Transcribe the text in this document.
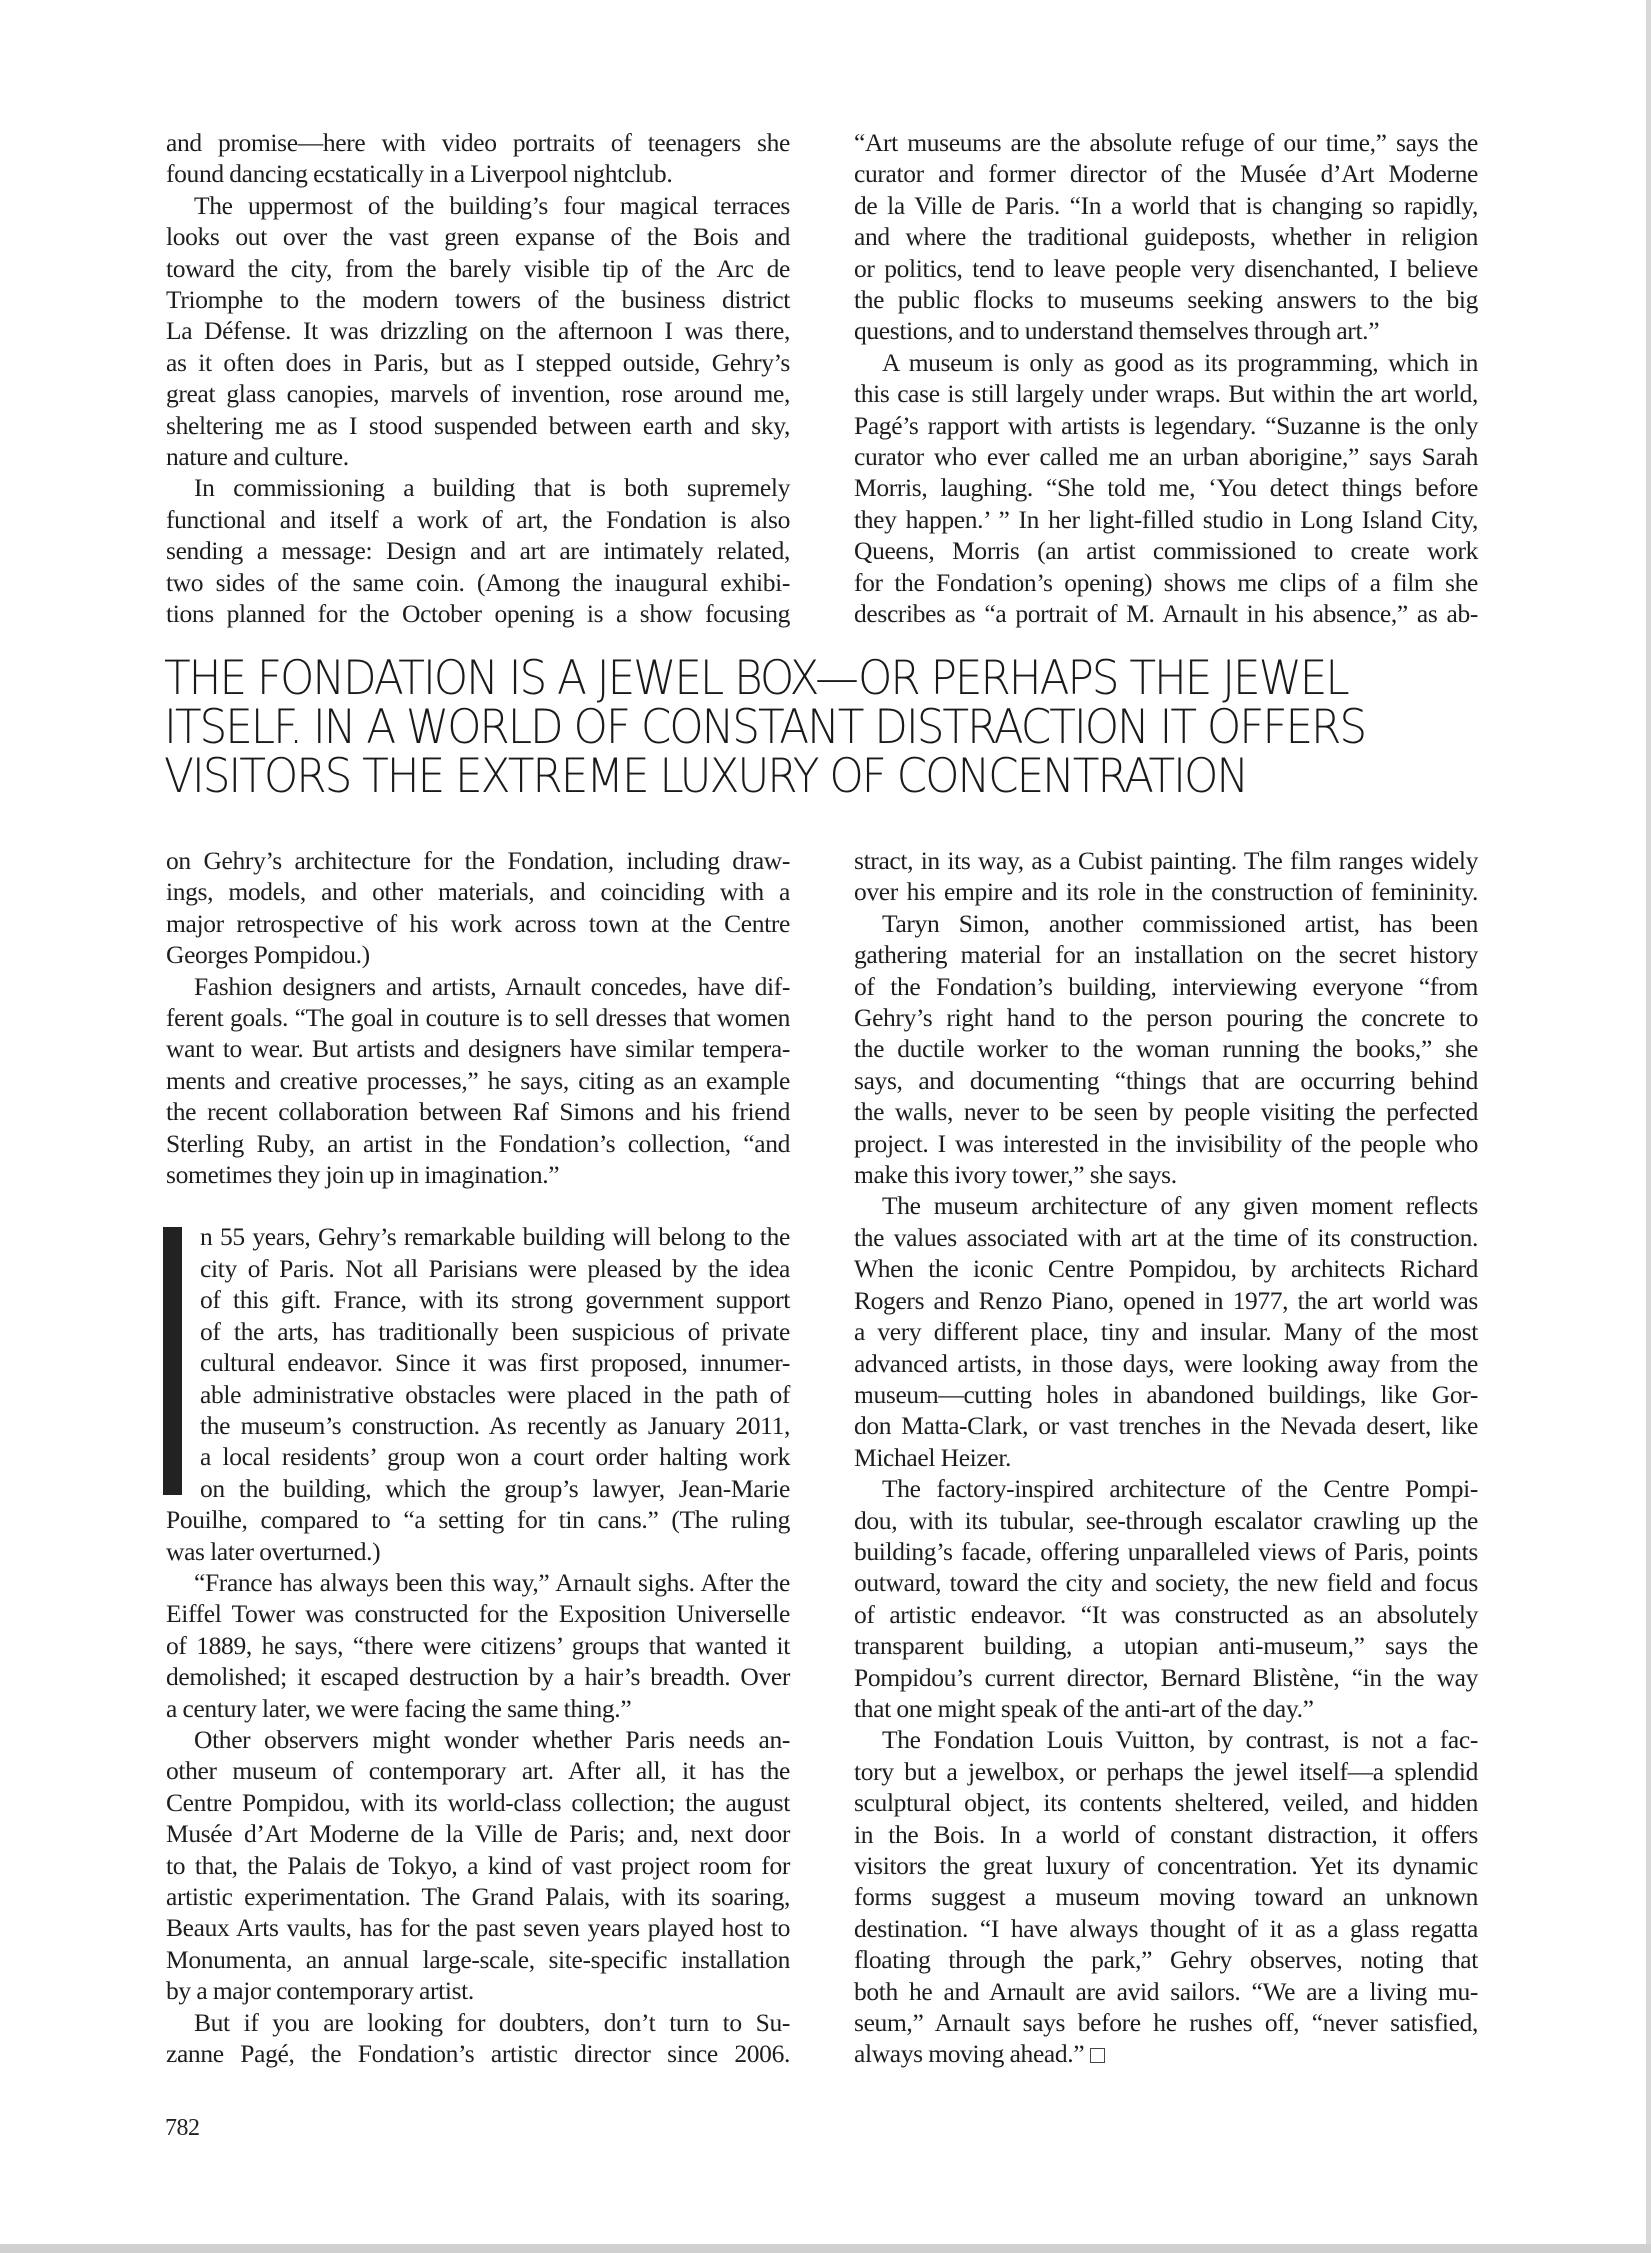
and promise—here with video portraits of teenagers she
found dancing ecstatically in a Liverpool nightclub.

The uppermost of the building’s four magical terraces
looks out over the vast green expanse of the Bois and
toward the city, from the barely visible tip of the Arc de
Triomphe to the modern towers of the business district
La Défense. It was drizzling on the afternoon I was there,
as it often does in Paris, but as I stepped outside, Gehry’s
great glass canopies, marvels of invention, rose around me,
sheltering me as I stood suspended between earth and sky,
nature and culture.

In commissioning a building that is both supremely
functional and itself a work of art, the Fondation is also
sending a message: Design and art are intimately related,
two sides of the same coin. (Among the inaugural exhibi-
tions planned for the October opening is a show focusing

“Art museums are the absolute refuge of our time,” says the
curator and former director of the Musée d’Art Moderne
de la Ville de Paris. “In a world that is changing so rapidly,
and where the traditional guideposts, whether in religion
or politics, tend to leave people very disenchanted, I believe
the public flocks to museums seeking answers to the big
questions, and to understand themselves through art.”

A museum is only as good as its programming, which in
this case is still largely under wraps. But within the art world,
Pagé’s rapport with artists is legendary. “Suzanne is the only
curator who ever called me an urban aborigine,” says Sarah
Morris, laughing. “She told me, ‘You detect things before
they happen.’ ” In her light-filled studio in Long Island City,
Queens, Morris (an artist commissioned to create work
for the Fondation’s opening) shows me clips of a film she
describes as “a portrait of M. Arnault in his absence,” as ab-

THE FONDATION IS A JEWEL BOX—OR PERHAPS THE JEWEL
ITSELF. IN A WORLD OF CONSTANT DISTRACTION IT OFFERS
VISITORS THE EXTREME LUXURY OF CONCENTRATION

on Gehry’s architecture for the Fondation, including draw-
ings, models, and other materials, and coinciding with a
major retrospective of his work across town at the Centre
Georges Pompidou.)

Fashion designers and artists, Arnault concedes, have dif-
ferent goals. “The goal in couture is to sell dresses that women
want to wear. But artists and designers have similar tempera-
ments and creative processes,” he says, citing as an example
the recent collaboration between Raf Simons and his friend
Sterling Ruby, an artist in the Fondation’s collection, “and
sometimes they join up in imagination.”

n 55 years, Gehry’s remarkable building will belong to the
city of Paris. Not all Parisians were pleased by the idea
of this gift. France, with its strong government support
of the arts, has traditionally been suspicious of private
cultural endeavor. Since it was first proposed, innumer-
able administrative obstacles were placed in the path of
the museum’s construction. As recently as January 2011,
a local residents’ group won a court order halting work
on the building, which the group’s lawyer, Jean-Marie
Pouilhe, compared to “a setting for tin cans.” (The ruling
was later overturned.)

“France has always been this way,” Arnault sighs. After the
Eiffel Tower was constructed for the Exposition Universelle
of 1889, he says, “there were citizens’ groups that wanted it
demolished; it escaped destruction by a hair’s breadth. Over
a century later, we were facing the same thing.”

Other observers might wonder whether Paris needs an-
other museum of contemporary art. After all, it has the
Centre Pompidou, with its world-class collection; the august
Musée d’Art Moderne de la Ville de Paris; and, next door
to that, the Palais de Tokyo, a kind of vast project room for
artistic experimentation. The Grand Palais, with its soaring,
Beaux Arts vaults, has for the past seven years played host to
Monumenta, an annual large-scale, site-specific installation
by a major contemporary artist.

But if you are looking for doubters, don’t turn to Su-
zanne Pagé, the Fondation’s artistic director since 2006.

stract, in its way, as a Cubist painting. The film ranges widely
over his empire and its role in the construction of femininity.

Taryn Simon, another commissioned artist, has been
gathering material for an installation on the secret history
of the Fondation’s building, interviewing everyone “from
Gehry’s right hand to the person pouring the concrete to
the ductile worker to the woman running the books,” she
says, and documenting “things that are occurring behind
the walls, never to be seen by people visiting the perfected
project. I was interested in the invisibility of the people who
make this ivory tower,” she says.

The museum architecture of any given moment reflects
the values associated with art at the time of its construction.
When the iconic Centre Pompidou, by architects Richard
Rogers and Renzo Piano, opened in 1977, the art world was
a very different place, tiny and insular. Many of the most
advanced artists, in those days, were looking away from the
museum—cutting holes in abandoned buildings, like Gor-
don Matta-Clark, or vast trenches in the Nevada desert, like
Michael Heizer.

The factory-inspired architecture of the Centre Pompi-
dou, with its tubular, see-through escalator crawling up the
building’s facade, offering unparalleled views of Paris, points
outward, toward the city and society, the new field and focus
of artistic endeavor. “It was constructed as an absolutely
transparent building, a utopian anti-museum,” says the
Pompidou’s current director, Bernard Blistène, “in the way
that one might speak of the anti-art of the day.”

The Fondation Louis Vuitton, by contrast, is not a fac-
tory but a jewelbox, or perhaps the jewel itself—a splendid
sculptural object, its contents sheltered, veiled, and hidden
in the Bois. In a world of constant distraction, it offers
visitors the great luxury of concentration. Yet its dynamic
forms suggest a museum moving toward an unknown
destination. “I have always thought of it as a glass regatta
floating through the park,” Gehry observes, noting that
both he and Arnault are avid sailors. “We are a living mu-
seum,” Arnault says before he rushes off, “never satisfied,
always moving ahead.”

782
